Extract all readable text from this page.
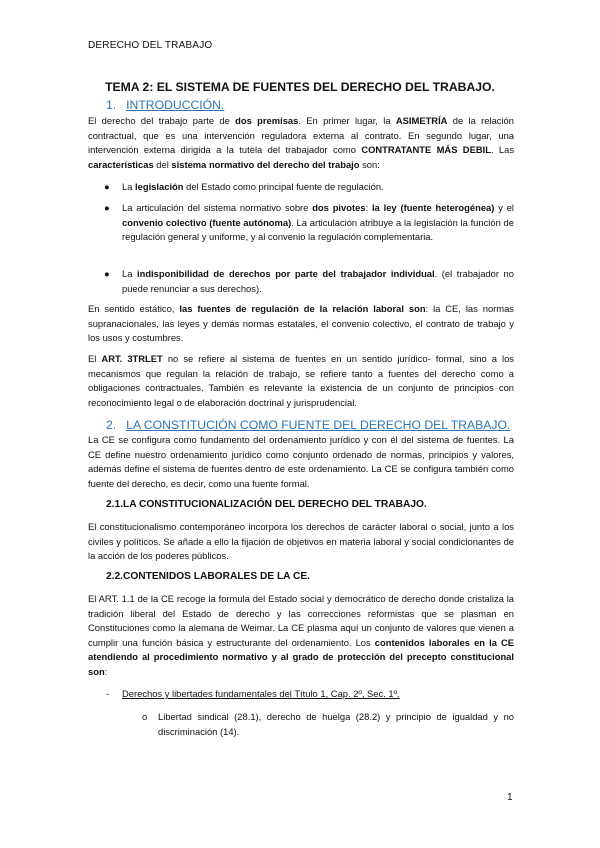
DERECHO DEL TRABAJO
TEMA 2: EL SISTEMA DE FUENTES DEL DERECHO DEL TRABAJO.
1. INTRODUCCIÓN.
El derecho del trabajo parte de dos premisas. En primer lugar, la ASIMETRÍA de la relación contractual, que es una intervención reguladora externa al contrato. En segundo lugar, una intervención externa dirigida a la tutela del trabajador como CONTRATANTE MÁS DEBIL. Las características del sistema normativo del derecho del trabajo son:
● La legislación del Estado como principal fuente de regulación.
● La articulación del sistema normativo sobre dos pivotes: la ley (fuente heterogénea) y el convenio colectivo (fuente autónoma). La articulación atribuye a la legislación la función de regulación general y uniforme, y al convenio la regulación complementaria.
● La indisponibilidad de derechos por parte del trabajador individual. (el trabajador no puede renunciar a sus derechos).
En sentido estático, las fuentes de regulación de la relación laboral son: la CE, las normas supranacionales, las leyes y demás normas estatales, el convenio colectivo, el contrato de trabajo y los usos y costumbres.
El ART. 3TRLET no se refiere al sistema de fuentes en un sentido jurídico- formal, sino a los mecanismos que regulan la relación de trabajo, se refiere tanto a fuentes del derecho como a obligaciones contractuales. También es relevante la existencia de un conjunto de principios con reconocimiento legal o de elaboración doctrinal y jurisprudencial.
2. LA CONSTITUCIÓN COMO FUENTE DEL DERECHO DEL TRABAJO.
La CE se configura como fundamento del ordenamiento jurídico y con él del sistema de fuentes. La CE define nuestro ordenamiento jurídico como conjunto ordenado de normas, principios y valores, además define el sistema de fuentes dentro de este ordenamiento. La CE se configura también como fuente del derecho, es decir, como una fuente formal.
2.1.LA CONSTITUCIONALIZACIÓN DEL DERECHO DEL TRABAJO.
El constitucionalismo contemporáneo incorpora los derechos de carácter laboral o social, junto a los civiles y políticos. Se añade a ello la fijación de objetivos en materia laboral y social condicionantes de la acción de los poderes públicos.
2.2.CONTENIDOS LABORALES DE LA CE.
El ART. 1.1 de la CE recoge la formula del Estado social y democrático de derecho donde cristaliza la tradición liberal del Estado de derecho y las correcciones reformistas que se plasman en Constituciones como la alemana de Weimar. La CE plasma aquí un conjunto de valores que vienen a cumplir una función básica y estructurante del ordenamiento. Los contenidos laborales en la CE atendiendo al procedimiento normativo y al grado de protección del precepto constitucional son:
- Derechos y libertades fundamentales del Título 1, Cap. 2º, Sec. 1º.
o Libertad sindical (28.1), derecho de huelga (28.2) y principio de igualdad y no discriminación (14).
1
